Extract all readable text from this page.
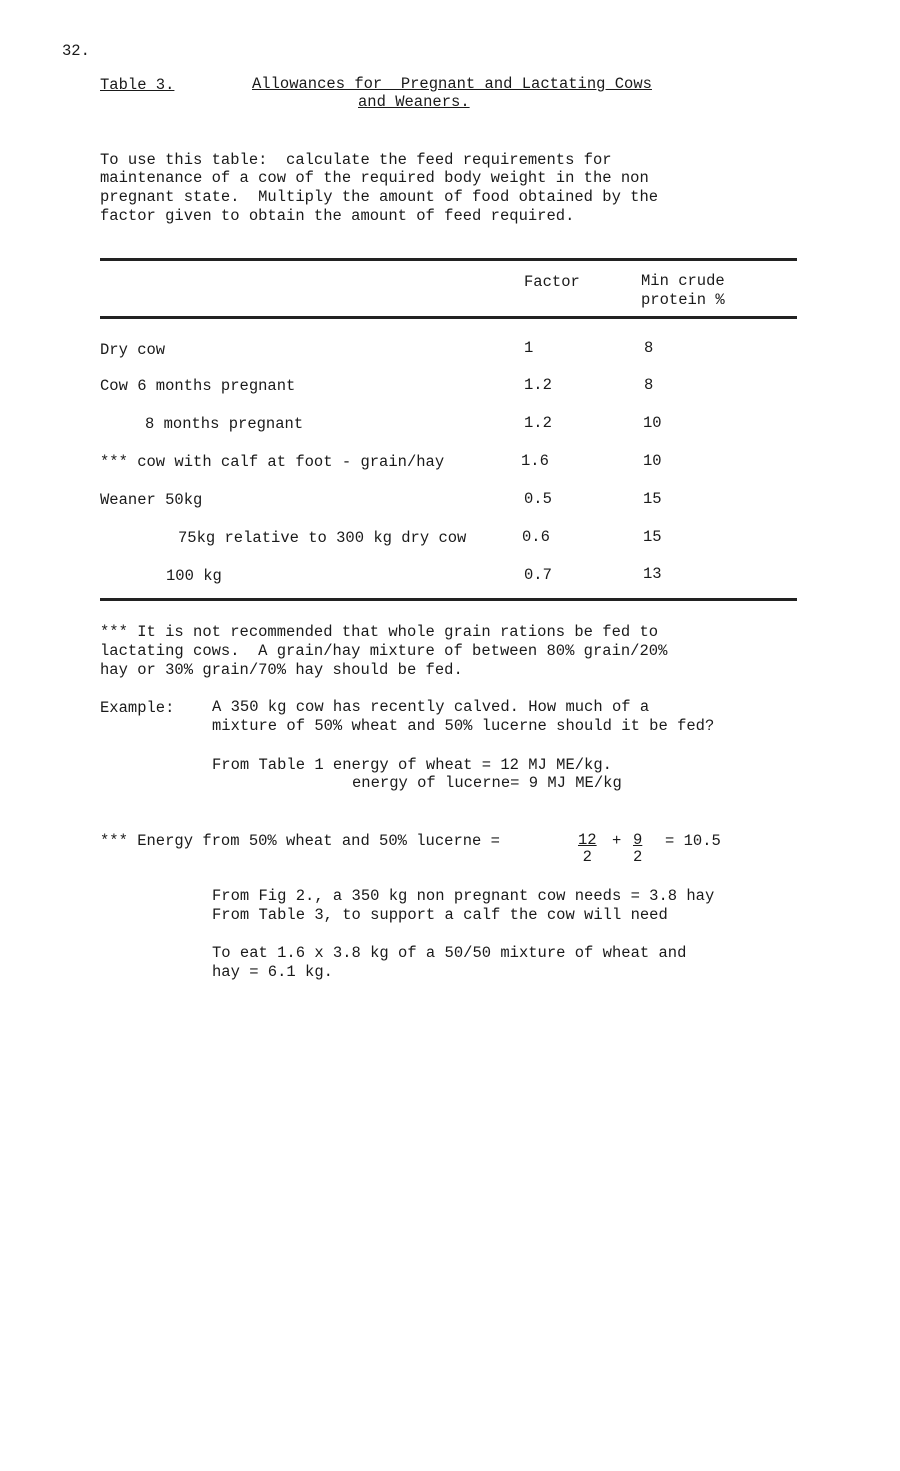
32.
Table 3.	Allowances for  Pregnant and Lactating Cows
and Weaners.
To use this table:  calculate the feed requirements for
maintenance of a cow of the required body weight in the non
pregnant state.  Multiply the amount of food obtained by the
factor given to obtain the amount of feed required.
Factor	Min crude
protein %
Dry cow	1	8
Cow 6 months pregnant	1.2	8
8 months pregnant	1.2	10
*** cow with calf at foot - grain/hay	1.6	10
Weaner 50kg	0.5	15
75kg relative to 300 kg dry cow	0.6	15
100 kg	0.7	13
*** It is not recommended that whole grain rations be fed to
lactating cows.  A grain/hay mixture of between 80% grain/20%
hay or 30% grain/70% hay should be fed.
Example: A 350 kg cow has recently calved. How much of a
mixture of 50% wheat and 50% lucerne should it be fed?
From Table 1 energy of wheat = 12 MJ ME/kg.
energy of lucerne= 9 MJ ME/kg
*** Energy from 50% wheat and 50% lucerne =	$\frac{12}{2} + \frac{9}{2} = 10.5$
From Fig 2., a 350 kg non pregnant cow needs = 3.8 hay
From Table 3, to support a calf the cow will need
To eat 1.6 x 3.8 kg of a 50/50 mixture of wheat and
hay = 6.1 kg.
